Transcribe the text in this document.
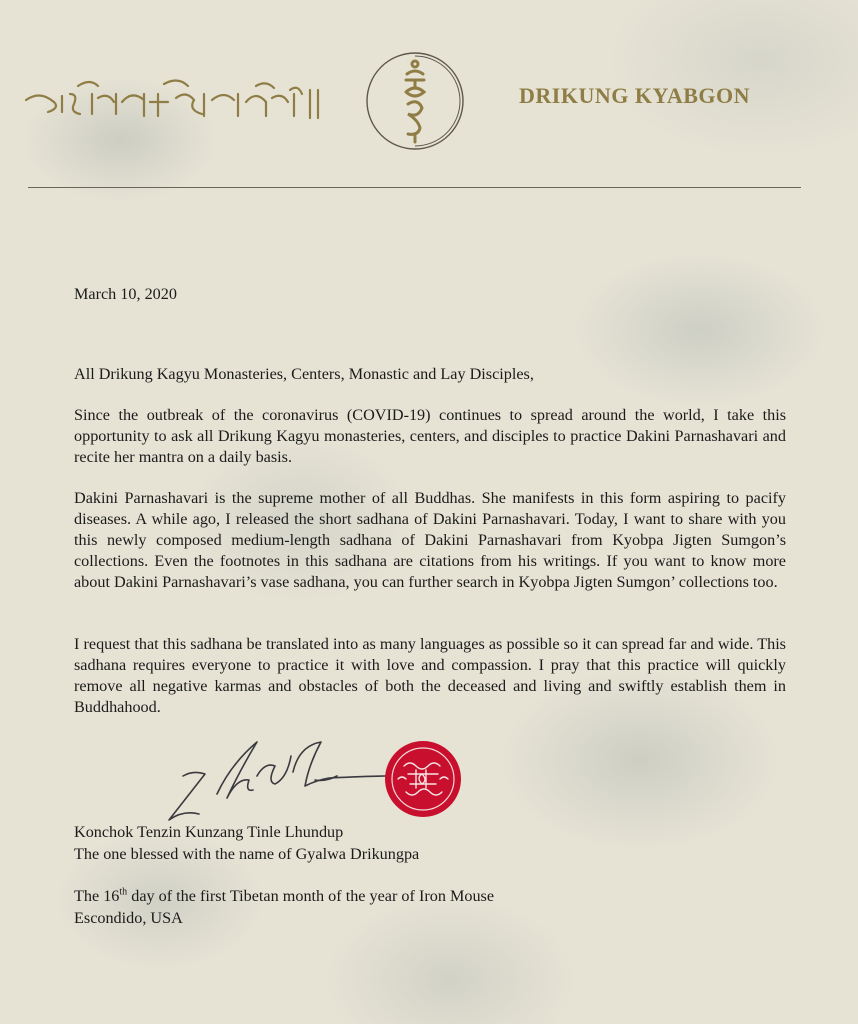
DRIKUNG KYABGON
March 10, 2020
All Drikung Kagyu Monasteries, Centers, Monastic and Lay Disciples,
Since the outbreak of the coronavirus (COVID-19) continues to spread around the world, I take this opportunity to ask all Drikung Kagyu monasteries, centers, and disciples to practice Dakini Parnashavari and recite her mantra on a daily basis.
Dakini Parnashavari is the supreme mother of all Buddhas. She manifests in this form aspiring to pacify diseases. A while ago, I released the short sadhana of Dakini Parnashavari. Today, I want to share with you this newly composed medium-length sadhana of Dakini Parnashavari from Kyobpa Jigten Sumgon’s collections. Even the footnotes in this sadhana are citations from his writings. If you want to know more about Dakini Parnashavari’s vase sadhana, you can further search in Kyobpa Jigten Sumgon’ collections too.
I request that this sadhana be translated into as many languages as possible so it can spread far and wide. This sadhana requires everyone to practice it with love and compassion. I pray that this practice will quickly remove all negative karmas and obstacles of both the deceased and living and swiftly establish them in Buddhahood.
Konchok Tenzin Kunzang Tinle Lhundup
The one blessed with the name of Gyalwa Drikungpa
The 16th day of the first Tibetan month of the year of Iron Mouse
Escondido, USA
